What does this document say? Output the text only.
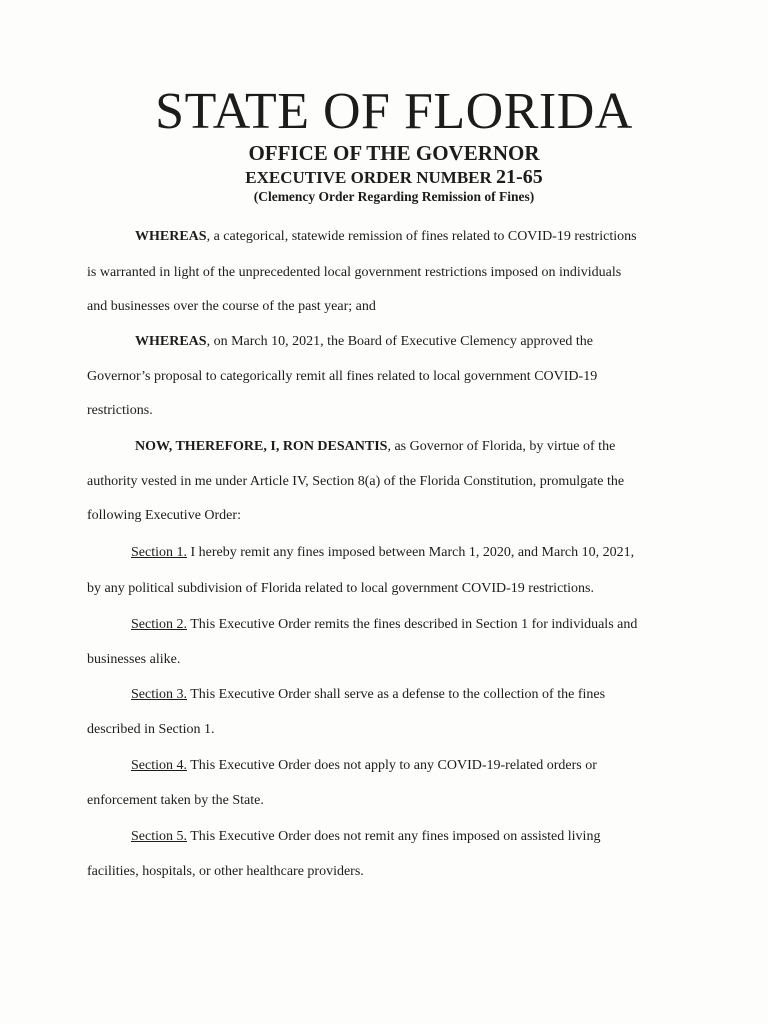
STATE OF FLORIDA
OFFICE OF THE GOVERNOR
EXECUTIVE ORDER NUMBER 21-65
(Clemency Order Regarding Remission of Fines)
WHEREAS, a categorical, statewide remission of fines related to COVID-19 restrictions
is warranted in light of the unprecedented local government restrictions imposed on individuals
and businesses over the course of the past year; and
WHEREAS, on March 10, 2021, the Board of Executive Clemency approved the
Governor’s proposal to categorically remit all fines related to local government COVID-19
restrictions.
NOW, THEREFORE, I, RON DESANTIS, as Governor of Florida, by virtue of the
authority vested in me under Article IV, Section 8(a) of the Florida Constitution, promulgate the
following Executive Order:
Section 1. I hereby remit any fines imposed between March 1, 2020, and March 10, 2021,
by any political subdivision of Florida related to local government COVID-19 restrictions.
Section 2. This Executive Order remits the fines described in Section 1 for individuals and
businesses alike.
Section 3. This Executive Order shall serve as a defense to the collection of the fines
described in Section 1.
Section 4. This Executive Order does not apply to any COVID-19-related orders or
enforcement taken by the State.
Section 5. This Executive Order does not remit any fines imposed on assisted living
facilities, hospitals, or other healthcare providers.
